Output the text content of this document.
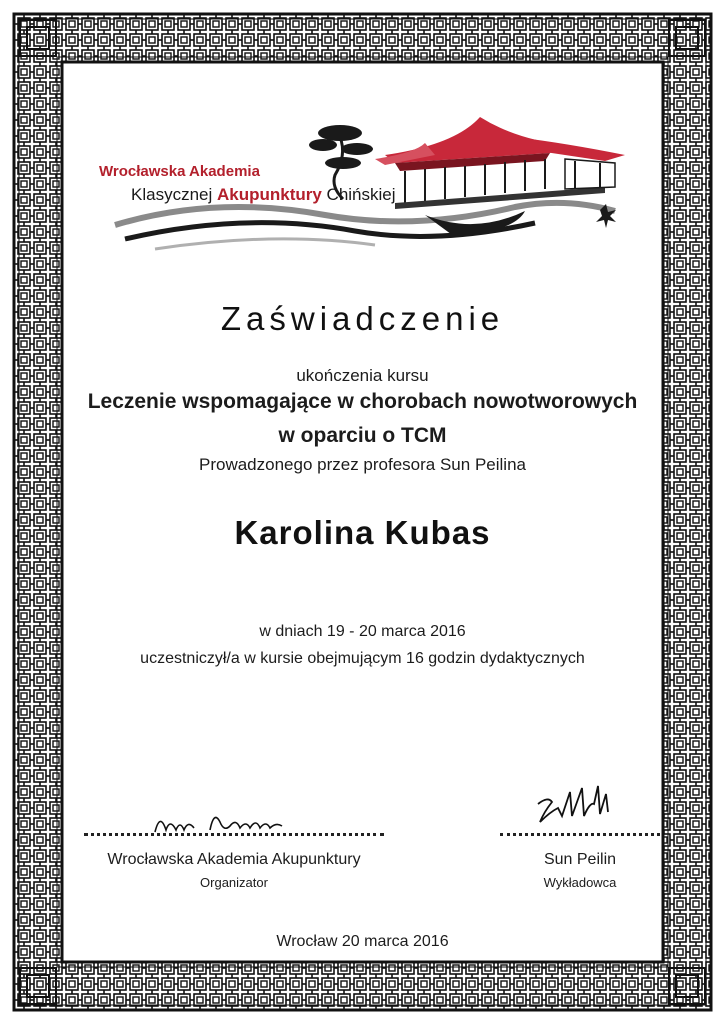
Wrocławska Akademia
Klasycznej Akupunktury Chińskiej
Zaświadczenie
ukończenia kursu
Leczenie wspomagające w chorobach nowotworowych
w oparciu o TCM
Prowadzonego przez profesora Sun Peilina
Karolina Kubas
w dniach 19 - 20 marca 2016
uczestniczył/a w kursie obejmującym 16 godzin dydaktycznych
Wrocławska Akademia Akupunktury
Organizator
Sun Peilin
Wykładowca
Wrocław 20 marca 2016
